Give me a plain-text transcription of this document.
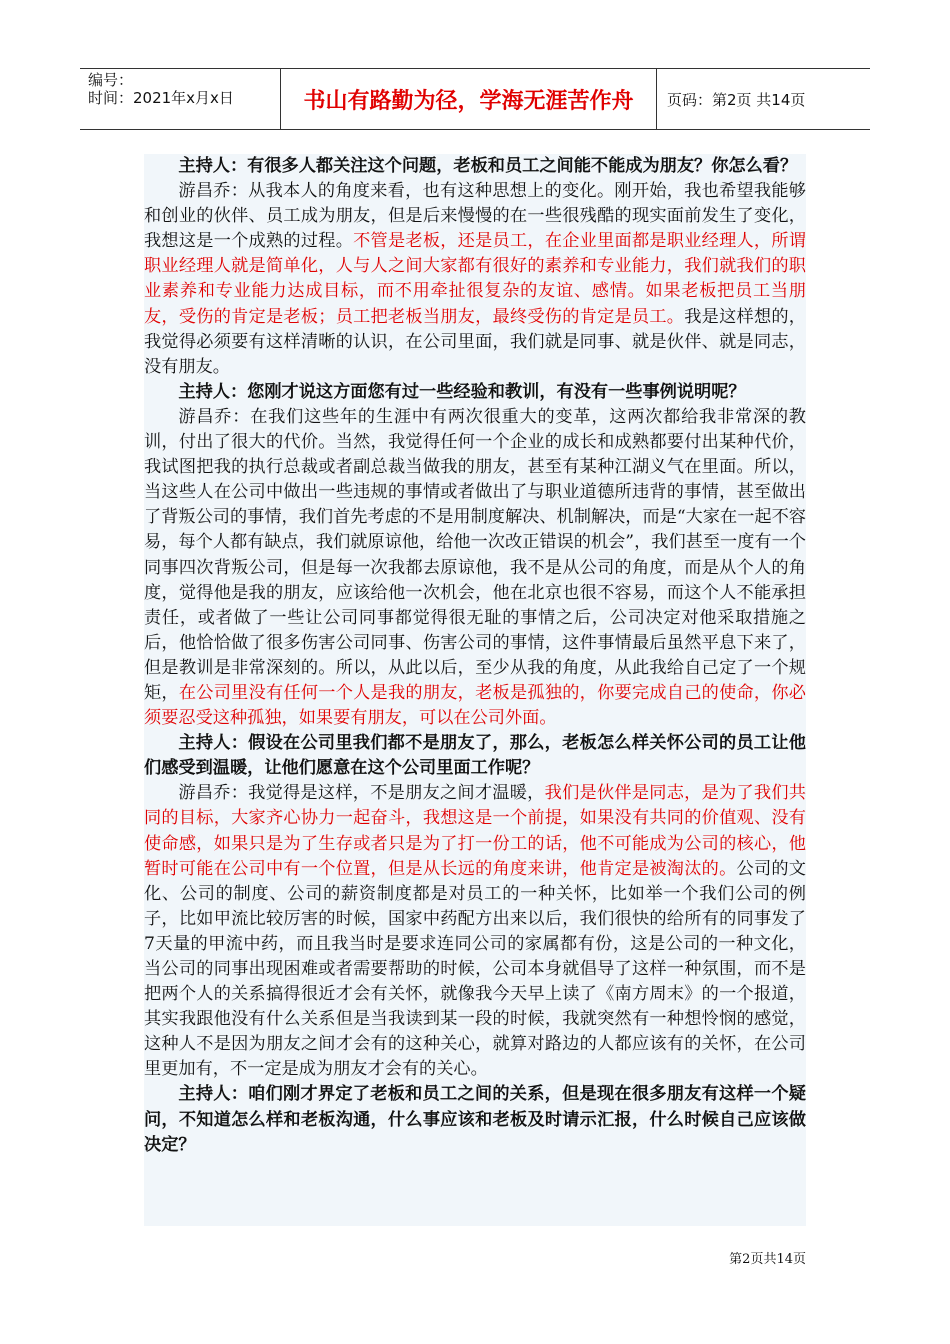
编号：
时间：2021年x月x日	书山有路勤为径，学海无涯苦作舟	页码：第2页 共14页

主持人：有很多人都关注这个问题，老板和员工之间能不能成为朋友？你怎么看？

游昌乔：从我本人的角度来看，也有这种思想上的变化。刚开始，我也希望我能够和创业的伙伴、员工成为朋友，但是后来慢慢的在一些很残酷的现实面前发生了变化，我想这是一个成熟的过程。不管是老板，还是员工，在企业里面都是职业经理人，所谓职业经理人就是简单化，人与人之间大家都有很好的素养和专业能力，我们就我们的职业素养和专业能力达成目标，而不用牵扯很复杂的友谊、感情。如果老板把员工当朋友，受伤的肯定是老板；员工把老板当朋友，最终受伤的肯定是员工。我是这样想的，我觉得必须要有这样清晰的认识，在公司里面，我们就是同事、就是伙伴、就是同志，没有朋友。

主持人：您刚才说这方面您有过一些经验和教训，有没有一些事例说明呢？

游昌乔：在我们这些年的生涯中有两次很重大的变革，这两次都给我非常深的教训，付出了很大的代价。当然，我觉得任何一个企业的成长和成熟都要付出某种代价，我试图把我的执行总裁或者副总裁当做我的朋友，甚至有某种江湖义气在里面。所以，当这些人在公司中做出一些违规的事情或者做出了与职业道德所违背的事情，甚至做出了背叛公司的事情，我们首先考虑的不是用制度解决、机制解决，而是“大家在一起不容易，每个人都有缺点，我们就原谅他，给他一次改正错误的机会”，我们甚至一度有一个同事四次背叛公司，但是每一次我都去原谅他，我不是从公司的角度，而是从个人的角度，觉得他是我的朋友，应该给他一次机会，他在北京也很不容易，而这个人不能承担责任，或者做了一些让公司同事都觉得很无耻的事情之后，公司决定对他采取措施之后，他恰恰做了很多伤害公司同事、伤害公司的事情，这件事情最后虽然平息下来了，但是教训是非常深刻的。所以，从此以后，至少从我的角度，从此我给自己定了一个规矩，在公司里没有任何一个人是我的朋友，老板是孤独的，你要完成自己的使命，你必须要忍受这种孤独，如果要有朋友，可以在公司外面。

主持人：假设在公司里我们都不是朋友了，那么，老板怎么样关怀公司的员工让他们感受到温暖，让他们愿意在这个公司里面工作呢？

游昌乔：我觉得是这样，不是朋友之间才温暖，我们是伙伴是同志，是为了我们共同的目标，大家齐心协力一起奋斗，我想这是一个前提，如果没有共同的价值观、没有使命感，如果只是为了生存或者只是为了打一份工的话，他不可能成为公司的核心，他暂时可能在公司中有一个位置，但是从长远的角度来讲，他肯定是被淘汰的。公司的文化、公司的制度、公司的薪资制度都是对员工的一种关怀，比如举一个我们公司的例子，比如甲流比较厉害的时候，国家中药配方出来以后，我们很快的给所有的同事发了7天量的甲流中药，而且我当时是要求连同公司的家属都有份，这是公司的一种文化，当公司的同事出现困难或者需要帮助的时候，公司本身就倡导了这样一种氛围，而不是把两个人的关系搞得很近才会有关怀，就像我今天早上读了《南方周末》的一个报道，其实我跟他没有什么关系但是当我读到某一段的时候，我就突然有一种想怜悯的感觉，这种人不是因为朋友之间才会有的这种关心，就算对路边的人都应该有的关怀，在公司里更加有，不一定是成为朋友才会有的关心。

主持人：咱们刚才界定了老板和员工之间的关系，但是现在很多朋友有这样一个疑问，不知道怎么样和老板沟通，什么事应该和老板及时请示汇报，什么时候自己应该做决定？

第2页共14页
